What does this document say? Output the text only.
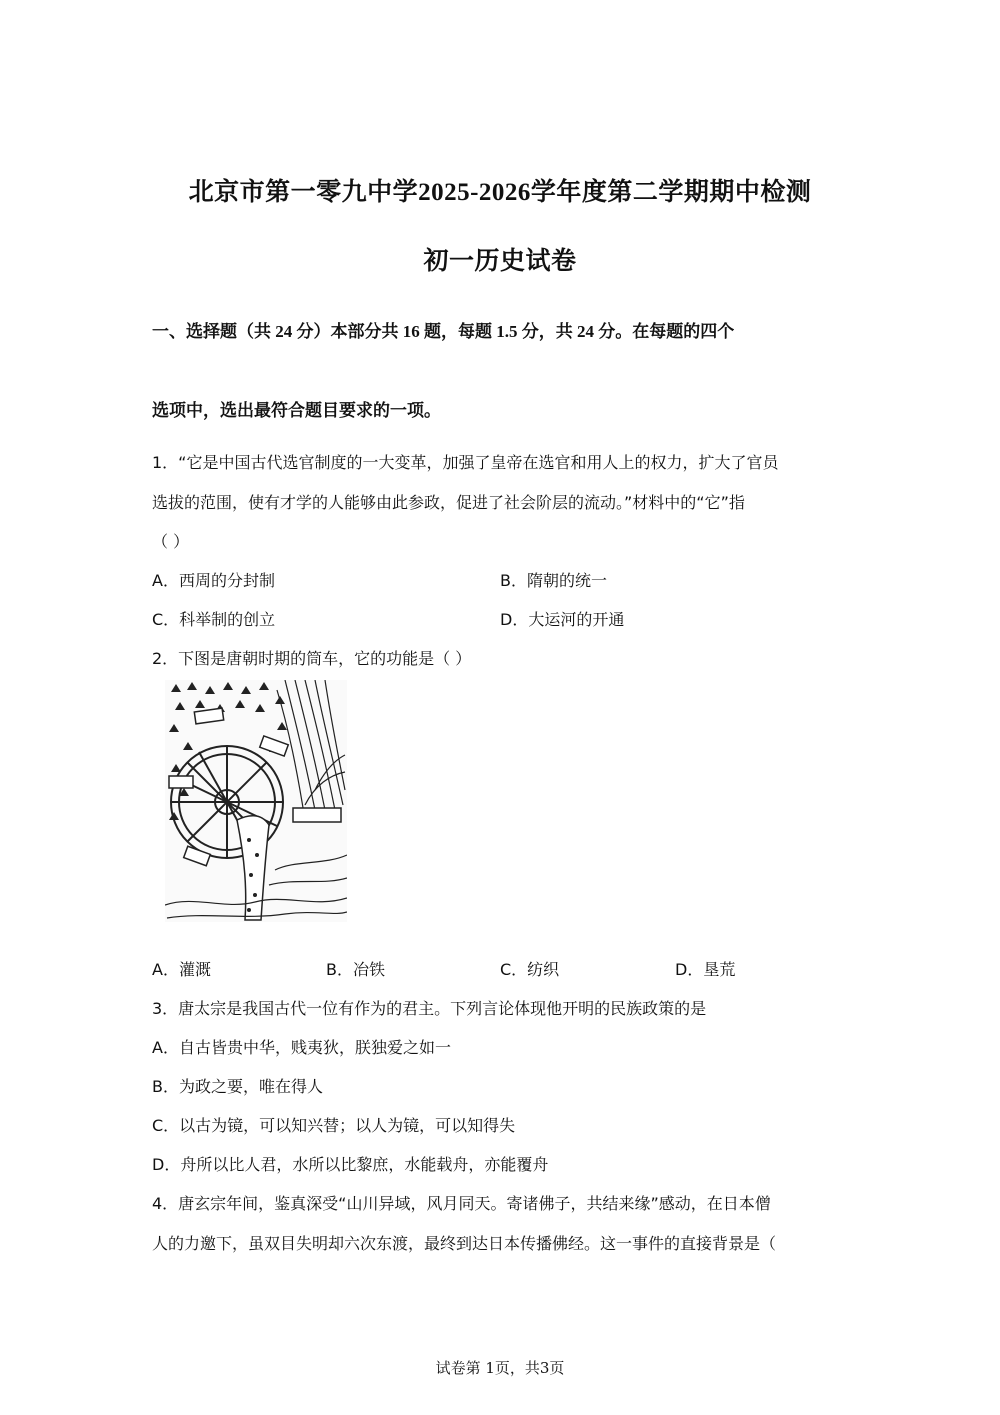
北京市第一零九中学2025-2026学年度第二学期期中检测
初一历史试卷
一、选择题（共 24 分）本部分共 16 题，每题 1.5 分，共 24 分。在每题的四个
选项中，选出最符合题目要求的一项。
1．“它是中国古代选官制度的一大变革，加强了皇帝在选官和用人上的权力，扩大了官员
选拔的范围，使有才学的人能够由此参政，促进了社会阶层的流动。”材料中的“它”指
（ ）
A．西周的分封制	B．隋朝的统一
C．科举制的创立	D．大运河的开通
2．下图是唐朝时期的筒车，它的功能是（ ）
A．灌溉	B．冶铁	C．纺织	D．垦荒
3．唐太宗是我国古代一位有作为的君主。下列言论体现他开明的民族政策的是
A．自古皆贵中华，贱夷狄，朕独爱之如一
B．为政之要，唯在得人
C．以古为镜，可以知兴替；以人为镜，可以知得失
D．舟所以比人君，水所以比黎庶，水能载舟，亦能覆舟
4．唐玄宗年间，鉴真深受“山川异域，风月同天。寄诸佛子，共结来缘”感动，在日本僧
人的力邀下，虽双目失明却六次东渡，最终到达日本传播佛经。这一事件的直接背景是（
试卷第 1页，共3页
